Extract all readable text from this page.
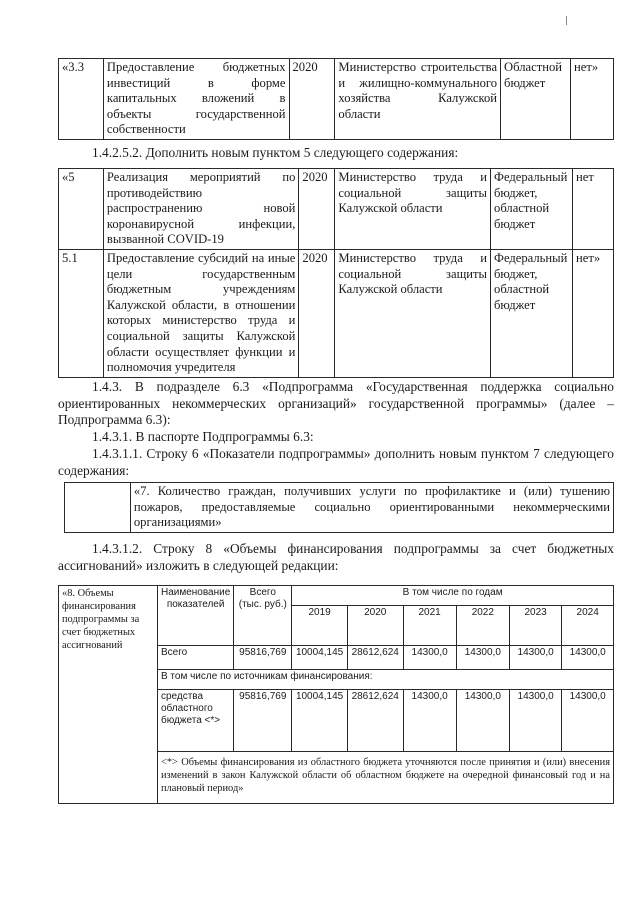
«3.3	Предоставление бюджетных инвестиций в форме капитальных вложений в объекты государственной собственности	2020	Министерство строительства и жилищно-коммунального хозяйства Калужской области	Областной бюджет	нет»
1.4.2.5.2. Дополнить новым пунктом 5 следующего содержания:
«5	Реализация мероприятий по противодействию распространению новой коронавирусной инфекции, вызванной COVID-19	2020	Министерство труда и социальной защиты Калужской области	Федеральный бюджет, областной бюджет	нет
5.1	Предоставление субсидий на иные цели государственным бюджетным учреждениям Калужской области, в отношении которых министерство труда и социальной защиты Калужской области осуществляет функции и полномочия учредителя	2020	Министерство труда и социальной защиты Калужской области	Федеральный бюджет, областной бюджет	нет»
1.4.3. В подразделе 6.3 «Подпрограмма «Государственная поддержка социально ориентированных некоммерческих организаций» государственной программы» (далее – Подпрограмма 6.3):
1.4.3.1. В паспорте Подпрограммы 6.3:
1.4.3.1.1. Строку 6 «Показатели подпрограммы» дополнить новым пунктом 7 следующего содержания:
	«7. Количество граждан, получивших услуги по профилактике и (или) тушению пожаров, предоставляемые социально ориентированными некоммерческими организациями»
1.4.3.1.2. Строку 8 «Объемы финансирования подпрограммы за счет бюджетных ассигнований» изложить в следующей редакции:
«8. Объемы финансирования подпрограммы за счет бюджетных ассигнований	Наименование показателей	Всего (тыс. руб.)	В том числе по годам					
			2019	2020	2021	2022	2023	2024
	Всего	95816,769	10004,145	28612,624	14300,0	14300,0	14300,0	14300,0
	В том числе по источникам финансирования:							
	средства областного бюджета <*>	95816,769	10004,145	28612,624	14300,0	14300,0	14300,0	14300,0
	<*> Объемы финансирования из областного бюджета уточняются после принятия и (или) внесения изменений в закон Калужской области об областном бюджете на очередной финансовый год и на плановый период»							
